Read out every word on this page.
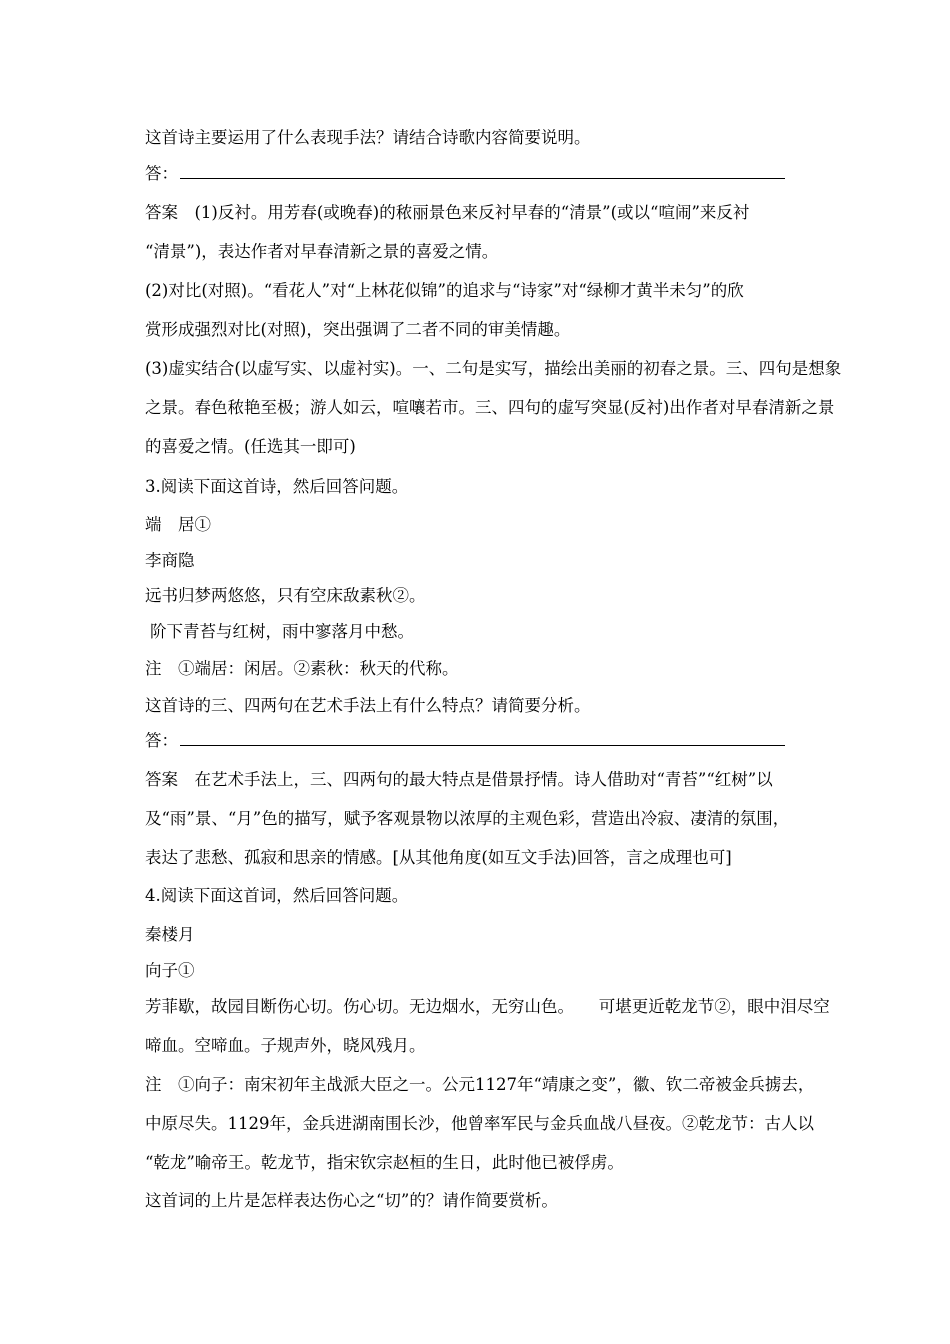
这首诗主要运用了什么表现手法？请结合诗歌内容简要说明。
答：
答案　(1)反衬。用芳春(或晚春)的秾丽景色来反衬早春的“清景”(或以“喧闹”来反衬
“清景”)，表达作者对早春清新之景的喜爱之情。
(2)对比(对照)。“看花人”对“上林花似锦”的追求与“诗家”对“绿柳才黄半未匀”的欣
赏形成强烈对比(对照)，突出强调了二者不同的审美情趣。
(3)虚实结合(以虚写实、以虚衬实)。一、二句是实写，描绘出美丽的初春之景。三、四句是想象
之景。春色秾艳至极；游人如云，喧嚷若市。三、四句的虚写突显(反衬)出作者对早春清新之景
的喜爱之情。(任选其一即可)
3.阅读下面这首诗，然后回答问题。
端　居①
李商隐
远书归梦两悠悠，只有空床敌素秋②。
阶下青苔与红树，雨中寥落月中愁。
注　①端居：闲居。②素秋：秋天的代称。
这首诗的三、四两句在艺术手法上有什么特点？请简要分析。
答：
答案　在艺术手法上，三、四两句的最大特点是借景抒情。诗人借助对“青苔”“红树”以
及“雨”景、“月”色的描写，赋予客观景物以浓厚的主观色彩，营造出冷寂、凄清的氛围，
表达了悲愁、孤寂和思亲的情感。[从其他角度(如互文手法)回答，言之成理也可]
4.阅读下面这首词，然后回答问题。
秦楼月
向子①
芳菲歇，故园目断伤心切。伤心切。无边烟水，无穷山色。　　可堪更近乾龙节②，眼中泪尽空
啼血。空啼血。子规声外，晓风残月。
注　①向子：南宋初年主战派大臣之一。公元1127年“靖康之变”，徽、钦二帝被金兵掳去，
中原尽失。1129年，金兵进湖南围长沙，他曾率军民与金兵血战八昼夜。②乾龙节：古人以
“乾龙”喻帝王。乾龙节，指宋钦宗赵桓的生日，此时他已被俘虏。
这首词的上片是怎样表达伤心之“切”的？请作简要赏析。
